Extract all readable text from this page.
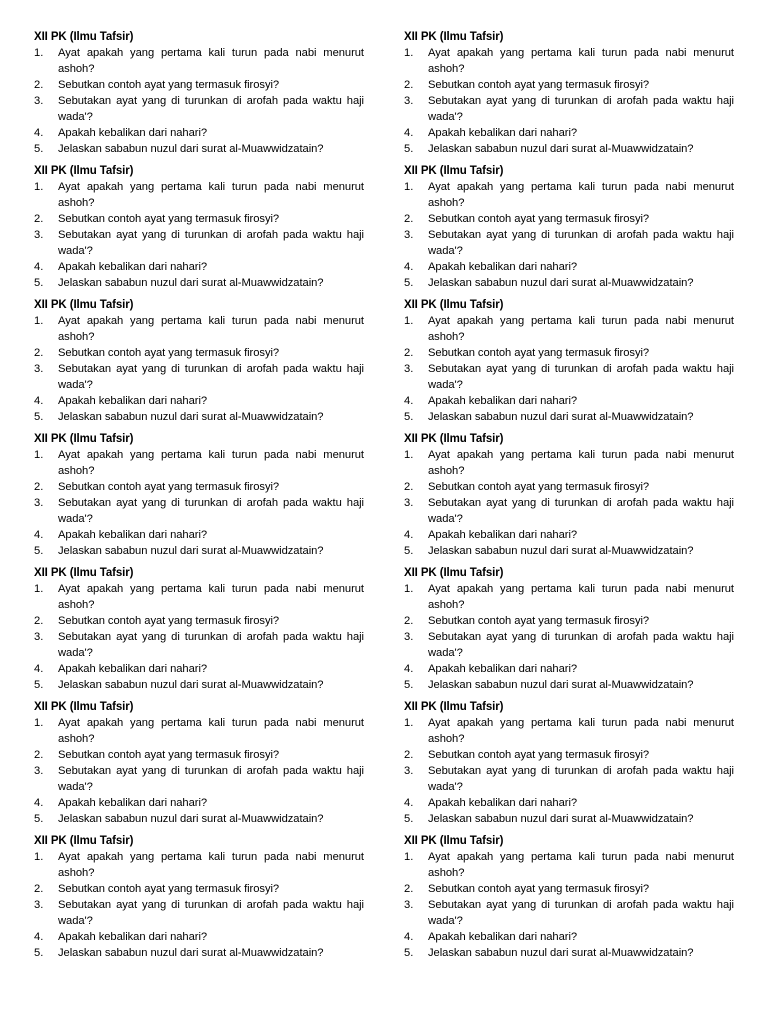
XII PK (Ilmu Tafsir)
1.	Ayat apakah yang pertama kali turun pada nabi menurut ashoh?
2.	Sebutkan contoh ayat yang termasuk firosyi?
3.	Sebutakan ayat yang di turunkan di arofah pada waktu haji wada'?
4.	Apakah kebalikan dari nahari?
5.	Jelaskan sababun nuzul dari surat al-Muawwidzatain?
XII PK (Ilmu Tafsir)
1.	Ayat apakah yang pertama kali turun pada nabi menurut ashoh?
2.	Sebutkan contoh ayat yang termasuk firosyi?
3.	Sebutakan ayat yang di turunkan di arofah pada waktu haji wada'?
4.	Apakah kebalikan dari nahari?
5.	Jelaskan sababun nuzul dari surat al-Muawwidzatain?
XII PK (Ilmu Tafsir)
1.	Ayat apakah yang pertama kali turun pada nabi menurut ashoh?
2.	Sebutkan contoh ayat yang termasuk firosyi?
3.	Sebutakan ayat yang di turunkan di arofah pada waktu haji wada'?
4.	Apakah kebalikan dari nahari?
5.	Jelaskan sababun nuzul dari surat al-Muawwidzatain?
XII PK (Ilmu Tafsir)
1.	Ayat apakah yang pertama kali turun pada nabi menurut ashoh?
2.	Sebutkan contoh ayat yang termasuk firosyi?
3.	Sebutakan ayat yang di turunkan di arofah pada waktu haji wada'?
4.	Apakah kebalikan dari nahari?
5.	Jelaskan sababun nuzul dari surat al-Muawwidzatain?
XII PK (Ilmu Tafsir)
1.	Ayat apakah yang pertama kali turun pada nabi menurut ashoh?
2.	Sebutkan contoh ayat yang termasuk firosyi?
3.	Sebutakan ayat yang di turunkan di arofah pada waktu haji wada'?
4.	Apakah kebalikan dari nahari?
5.	Jelaskan sababun nuzul dari surat al-Muawwidzatain?
XII PK (Ilmu Tafsir)
1.	Ayat apakah yang pertama kali turun pada nabi menurut ashoh?
2.	Sebutkan contoh ayat yang termasuk firosyi?
3.	Sebutakan ayat yang di turunkan di arofah pada waktu haji wada'?
4.	Apakah kebalikan dari nahari?
5.	Jelaskan sababun nuzul dari surat al-Muawwidzatain?
XII PK (Ilmu Tafsir)
1.	Ayat apakah yang pertama kali turun pada nabi menurut ashoh?
2.	Sebutkan contoh ayat yang termasuk firosyi?
3.	Sebutakan ayat yang di turunkan di arofah pada waktu haji wada'?
4.	Apakah kebalikan dari nahari?
5.	Jelaskan sababun nuzul dari surat al-Muawwidzatain?
XII PK (Ilmu Tafsir)
1.	Ayat apakah yang pertama kali turun pada nabi menurut ashoh?
2.	Sebutkan contoh ayat yang termasuk firosyi?
3.	Sebutakan ayat yang di turunkan di arofah pada waktu haji wada'?
4.	Apakah kebalikan dari nahari?
5.	Jelaskan sababun nuzul dari surat al-Muawwidzatain?
XII PK (Ilmu Tafsir)
1.	Ayat apakah yang pertama kali turun pada nabi menurut ashoh?
2.	Sebutkan contoh ayat yang termasuk firosyi?
3.	Sebutakan ayat yang di turunkan di arofah pada waktu haji wada'?
4.	Apakah kebalikan dari nahari?
5.	Jelaskan sababun nuzul dari surat al-Muawwidzatain?
XII PK (Ilmu Tafsir)
1.	Ayat apakah yang pertama kali turun pada nabi menurut ashoh?
2.	Sebutkan contoh ayat yang termasuk firosyi?
3.	Sebutakan ayat yang di turunkan di arofah pada waktu haji wada'?
4.	Apakah kebalikan dari nahari?
5.	Jelaskan sababun nuzul dari surat al-Muawwidzatain?
XII PK (Ilmu Tafsir)
1.	Ayat apakah yang pertama kali turun pada nabi menurut ashoh?
2.	Sebutkan contoh ayat yang termasuk firosyi?
3.	Sebutakan ayat yang di turunkan di arofah pada waktu haji wada'?
4.	Apakah kebalikan dari nahari?
5.	Jelaskan sababun nuzul dari surat al-Muawwidzatain?
XII PK (Ilmu Tafsir)
1.	Ayat apakah yang pertama kali turun pada nabi menurut ashoh?
2.	Sebutkan contoh ayat yang termasuk firosyi?
3.	Sebutakan ayat yang di turunkan di arofah pada waktu haji wada'?
4.	Apakah kebalikan dari nahari?
5.	Jelaskan sababun nuzul dari surat al-Muawwidzatain?
XII PK (Ilmu Tafsir)
1.	Ayat apakah yang pertama kali turun pada nabi menurut ashoh?
2.	Sebutkan contoh ayat yang termasuk firosyi?
3.	Sebutakan ayat yang di turunkan di arofah pada waktu haji wada'?
4.	Apakah kebalikan dari nahari?
5.	Jelaskan sababun nuzul dari surat al-Muawwidzatain?
XII PK (Ilmu Tafsir)
1.	Ayat apakah yang pertama kali turun pada nabi menurut ashoh?
2.	Sebutkan contoh ayat yang termasuk firosyi?
3.	Sebutakan ayat yang di turunkan di arofah pada waktu haji wada'?
4.	Apakah kebalikan dari nahari?
5.	Jelaskan sababun nuzul dari surat al-Muawwidzatain?
